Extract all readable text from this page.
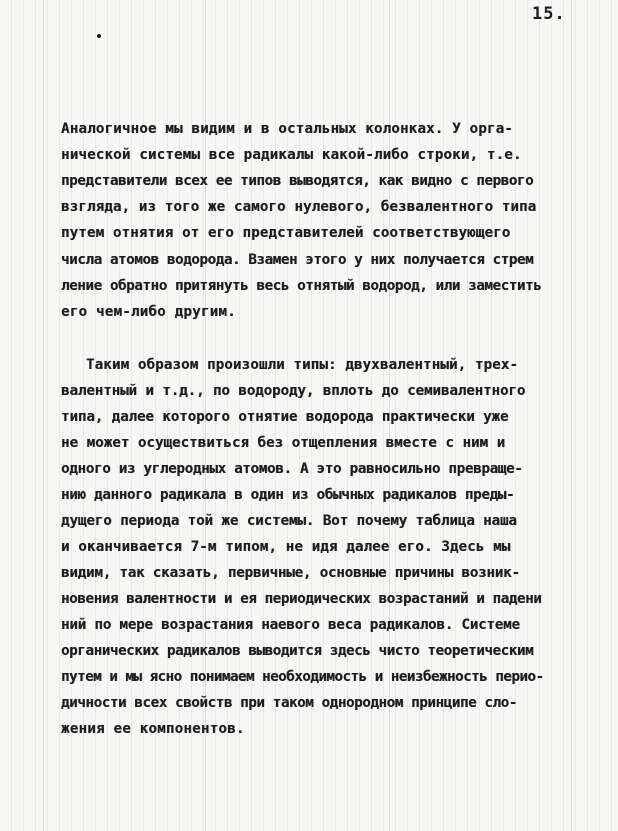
15.
Аналогичное мы видим и в остальных колонках. У орга-
нической системы все радикалы какой-либо строки, т.е.
представители всех ее типов выводятся, как видно с первого
взгляда, из того же самого нулевого, безвалентного типа
путем отнятия от его представителей соответствующего
числа атомов водорода. Взамен этого у них получается стрем
ление обратно притянуть весь отнятый водород, или заместить
его чем-либо другим.
Таким образом произошли типы: двухвалентный, трех-
валентный и т.д., по водороду, вплоть до семивалентного
типа, далее которого отнятие водорода практически уже
не может осуществиться без отщепления вместе с ним и
одного из углеродных атомов. А это равносильно превраще-
нию данного радикала в один из обычных радикалов преды-
дущего периода той же системы. Вот почему таблица наша
и оканчивается 7-м типом, не идя далее его. Здесь мы
видим, так сказать, первичные, основные причины возник-
новения валентности и ея периодических возрастаний и падени
ний по мере возрастания наевого веса радикалов. Системе
органических радикалов выводится здесь чисто теоретическим
путем и мы ясно понимаем необходимость и неизбежность перио-
дичности всех свойств при таком однородном принципе сло-
жения ее компонентов.
